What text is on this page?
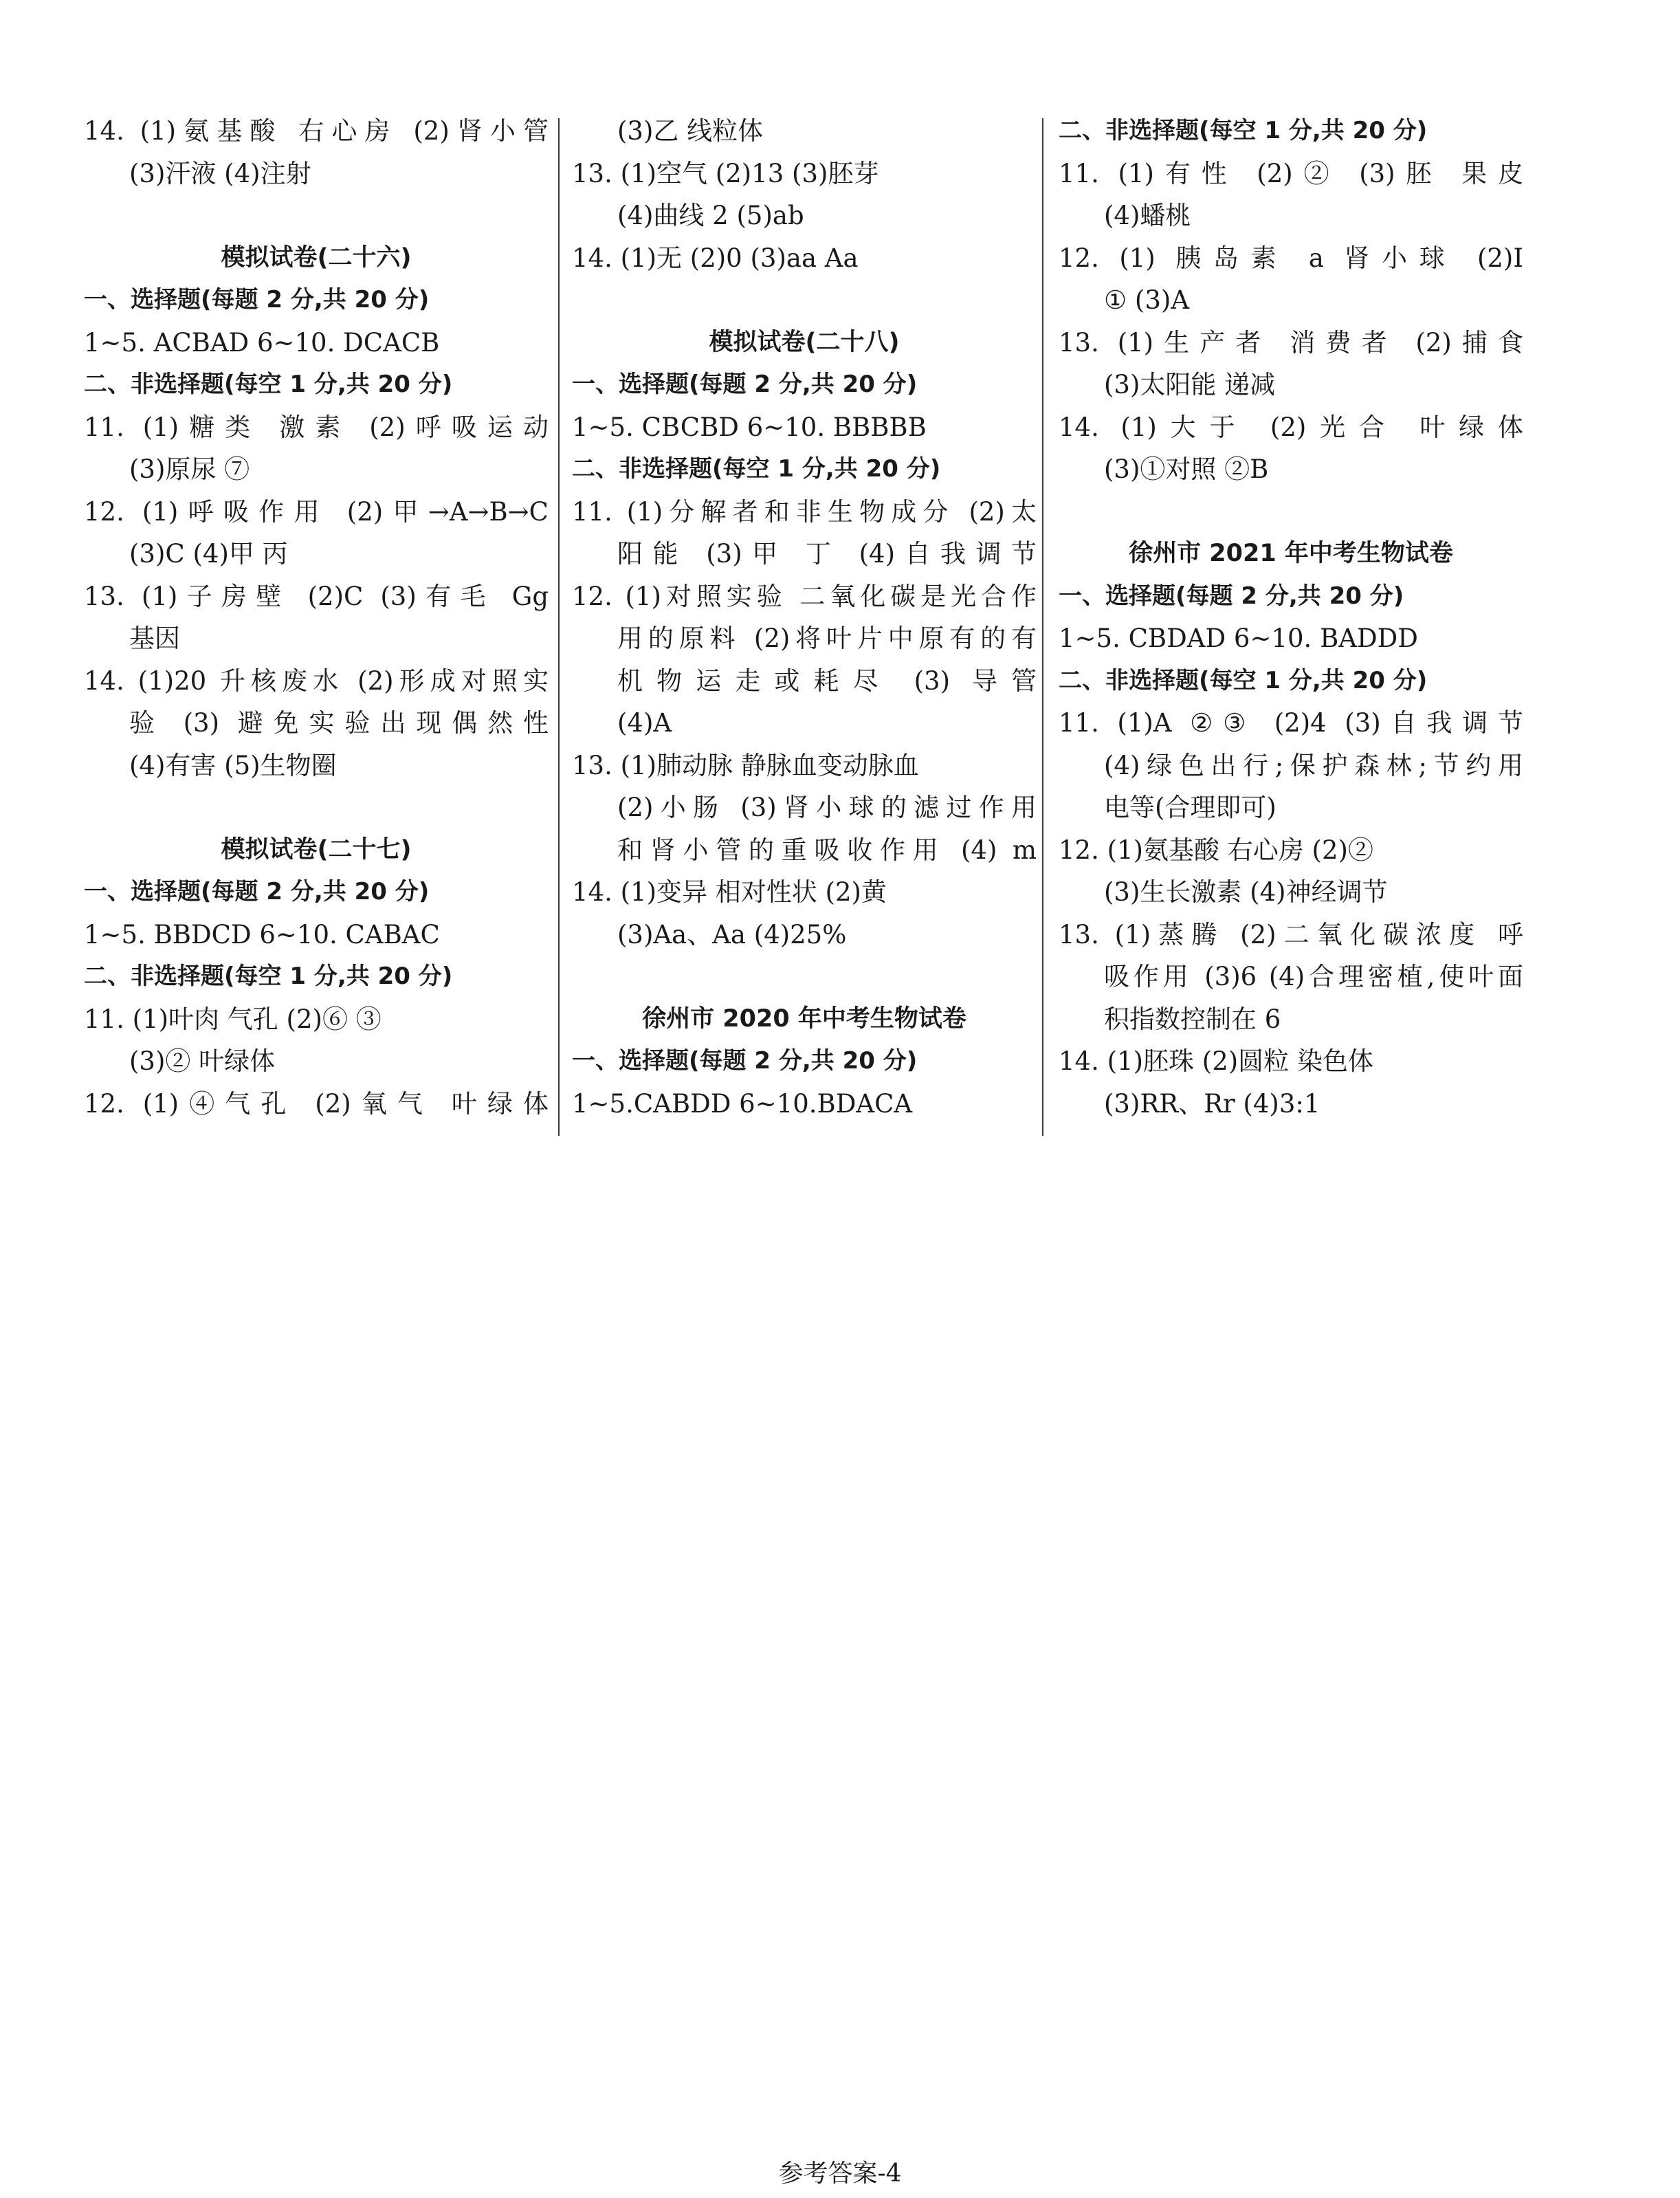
14. (1)氨基酸 右心房 (2)肾小管
(3)汗液 (4)注射
模拟试卷(二十六)
一、选择题(每题 2 分,共 20 分)
1~5. ACBAD 6~10. DCACB
二、非选择题(每空 1 分,共 20 分)
11. (1)糖类 激素 (2)呼吸运动
(3)原尿 ⑦
12. (1)呼吸作用 (2)甲→A→B→C
(3)C (4)甲 丙
13. (1)子房壁 (2)C (3)有毛 Gg
基因
14. (1)20 升核废水 (2)形成对照实
验 (3) 避免实验出现偶然性
(4)有害 (5)生物圈
模拟试卷(二十七)
一、选择题(每题 2 分,共 20 分)
1~5. BBDCD 6~10. CABAC
二、非选择题(每空 1 分,共 20 分)
11. (1)叶肉 气孔 (2)⑥ ③
(3)② 叶绿体
12. (1)④气孔 (2)氧气 叶绿体
(3)乙 线粒体
13. (1)空气 (2)13 (3)胚芽
(4)曲线 2 (5)ab
14. (1)无 (2)0 (3)aa Aa
模拟试卷(二十八)
一、选择题(每题 2 分,共 20 分)
1~5. CBCBD 6~10. BBBBB
二、非选择题(每空 1 分,共 20 分)
11. (1)分解者和非生物成分 (2)太
阳能 (3)甲 丁 (4)自我调节
12. (1)对照实验 二氧化碳是光合作
用的原料 (2)将叶片中原有的有
机物运走或耗尽 (3) 导管
(4)A
13. (1)肺动脉 静脉血变动脉血
(2)小肠 (3)肾小球的滤过作用
和肾小管的重吸收作用 (4) m
14. (1)变异 相对性状 (2)黄
(3)Aa、Aa (4)25%
徐州市 2020 年中考生物试卷
一、选择题(每题 2 分,共 20 分)
1~5.CABDD 6~10.BDACA
二、非选择题(每空 1 分,共 20 分)
11. (1)有性 (2)② (3)胚 果皮
(4)蟠桃
12. (1) 胰岛素 a 肾小球 (2)I
① (3)A
13. (1)生产者 消费者 (2)捕食
(3)太阳能 递减
14. (1)大于 (2)光合 叶绿体
(3)①对照 ②B
徐州市 2021 年中考生物试卷
一、选择题(每题 2 分,共 20 分)
1~5. CBDAD 6~10. BADDD
二、非选择题(每空 1 分,共 20 分)
11. (1)A ②③ (2)4 (3)自我调节
(4)绿色出行;保护森林;节约用
电等(合理即可)
12. (1)氨基酸 右心房 (2)②
(3)生长激素 (4)神经调节
13. (1)蒸腾 (2)二氧化碳浓度 呼
吸作用 (3)6 (4)合理密植,使叶面
积指数控制在 6
14. (1)胚珠 (2)圆粒 染色体
(3)RR、Rr (4)3:1
参考答案-4
